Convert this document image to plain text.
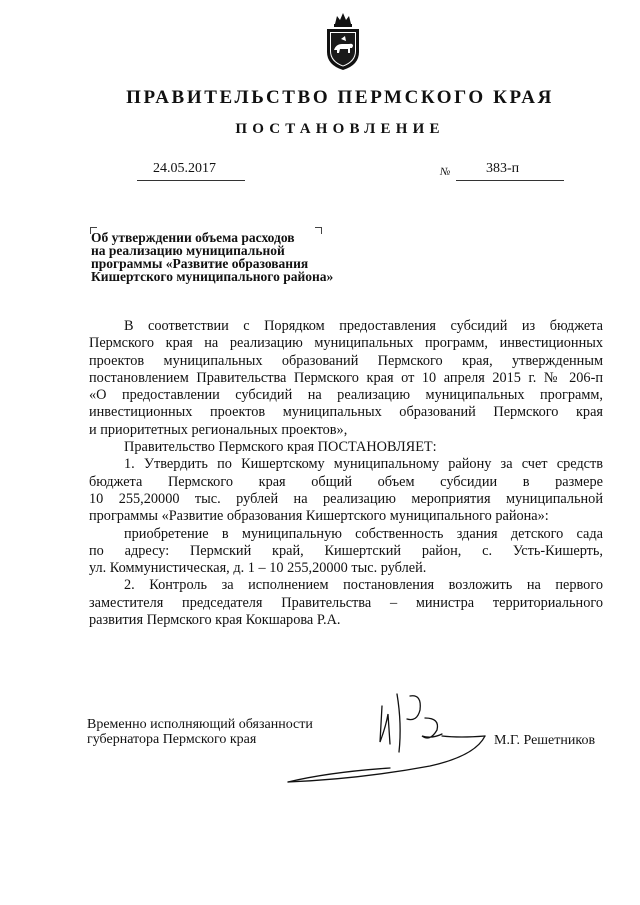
ПРАВИТЕЛЬСТВО ПЕРМСКОГО КРАЯ
ПОСТАНОВЛЕНИЕ
24.05.2017	№	383-п
Об утверждении объема расходов
на реализацию муниципальной
программы «Развитие образования
Кишертского муниципального района»
В соответствии с Порядком предоставления субсидий из бюджета
Пермского края на реализацию муниципальных программ, инвестиционных
проектов муниципальных образований Пермского края, утвержденным
постановлением Правительства Пермского края от 10 апреля 2015 г. № 206-п
«О предоставлении субсидий на реализацию муниципальных программ,
инвестиционных проектов муниципальных образований Пермского края
и приоритетных региональных проектов»,
Правительство Пермского края ПОСТАНОВЛЯЕТ:
1. Утвердить по Кишертскому муниципальному району за счет средств
бюджета Пермского края общий объем субсидии в размере
10 255,20000 тыс. рублей на реализацию мероприятия муниципальной
программы «Развитие образования Кишертского муниципального района»:
приобретение в муниципальную собственность здания детского сада
по адресу: Пермский край, Кишертский район, с. Усть-Кишерть,
ул. Коммунистическая, д. 1 – 10 255,20000 тыс. рублей.
2. Контроль за исполнением постановления возложить на первого
заместителя председателя Правительства – министра территориального
развития Пермского края Кокшарова Р.А.
Временно исполняющий обязанности
губернатора Пермского края	М.Г. Решетников
